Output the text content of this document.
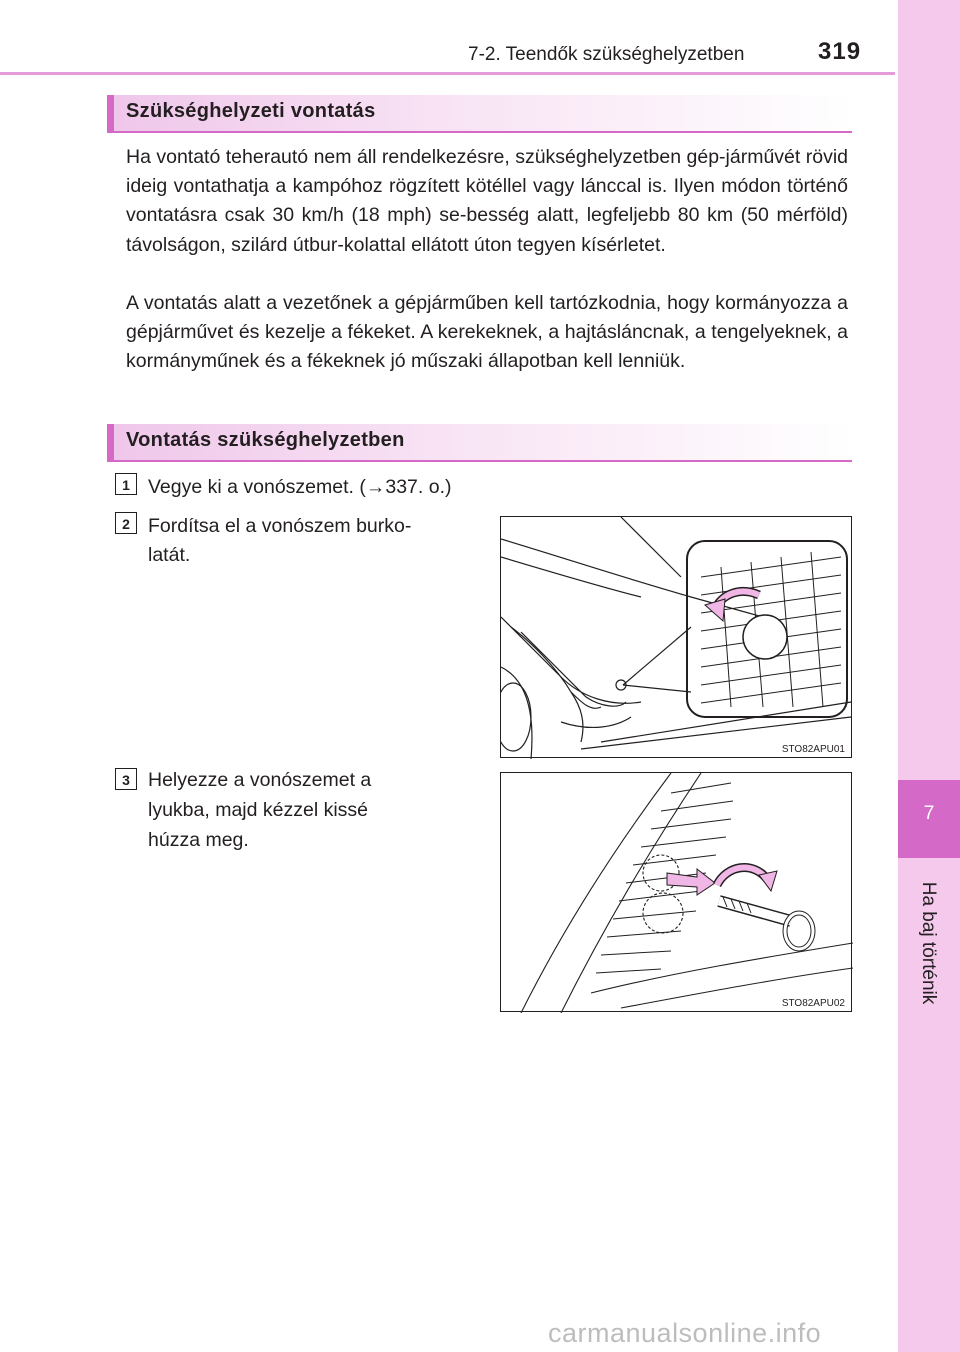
7-2. Teendők szükséghelyzetben	319
7
Ha baj történik
Szükséghelyzeti vontatás

Ha vontató teherautó nem áll rendelkezésre, szükséghelyzetben gép-járművét rövid ideig vontathatja a kampóhoz rögzített kötéllel vagy lánccal is. Ilyen módon történő vontatásra csak 30 km/h (18 mph) se-besség alatt, legfeljebb 80 km (50 mérföld) távolságon, szilárd útbur-kolattal ellátott úton tegyen kísérletet.

A vontatás alatt a vezetőnek a gépjárműben kell tartózkodnia, hogy kormányozza a gépjárművet és kezelje a fékeket. A kerekeknek, a hajtásláncnak, a tengelyeknek, a kormányműnek és a fékeknek jó műszaki állapotban kell lenniük.

Vontatás szükséghelyzetben
1 Vegye ki a vonószemet. (→337. o.)

2 Fordítsa el a vonószem burko-

latát.

STO82APU01
3 Helyezze a vonószemet a

lyukba, majd kézzel kissé

húzza meg.

STO82APU02
carmanualsonline.info
